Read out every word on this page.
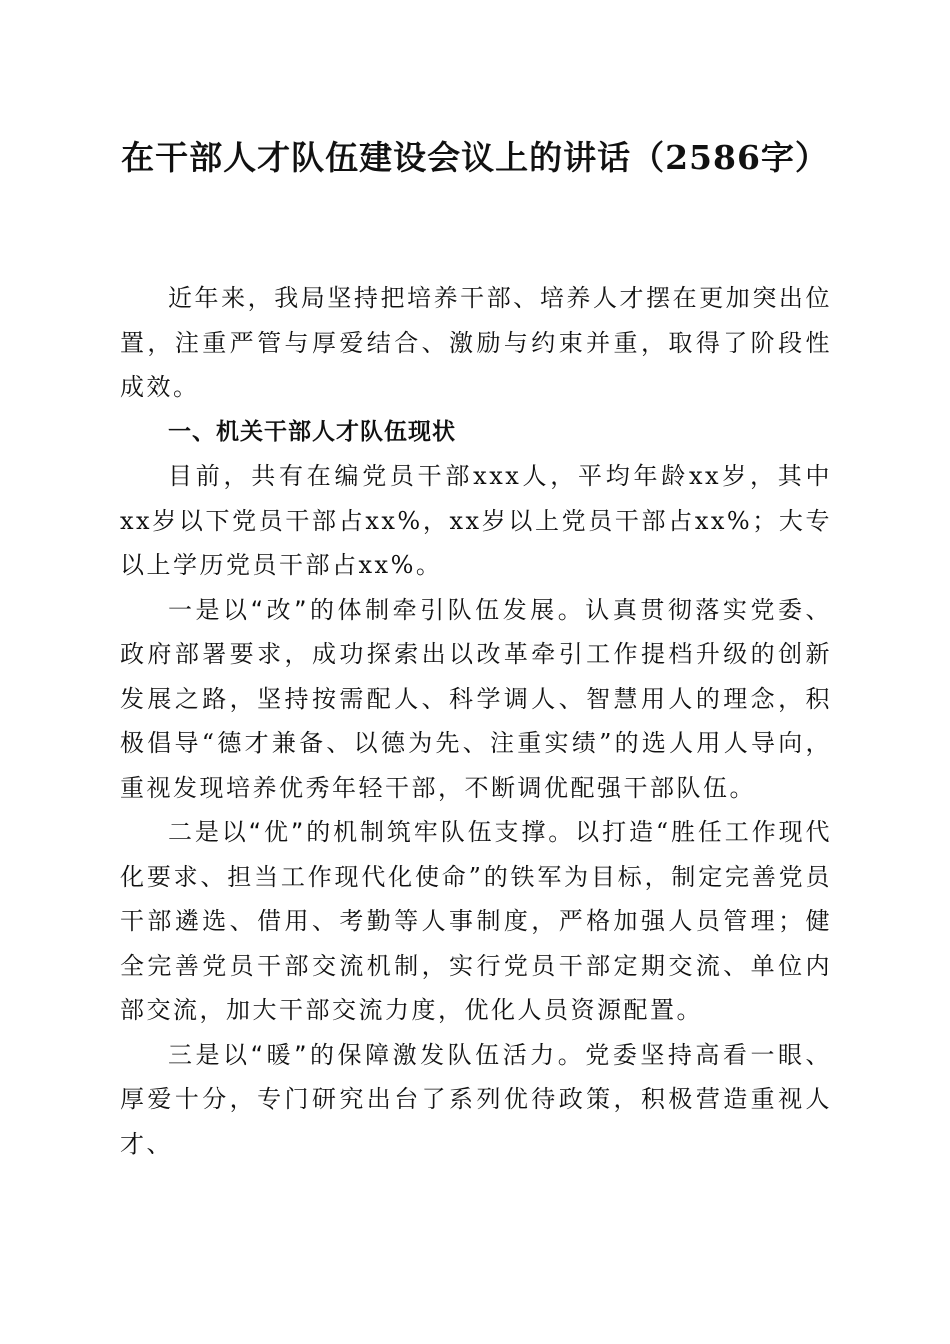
在干部人才队伍建设会议上的讲话（2586字）

近年来，我局坚持把培养干部、培养人才摆在更加突出位置，注重严管与厚爱结合、激励与约束并重，取得了阶段性成效。

一、机关干部人才队伍现状

目前，共有在编党员干部xxx人，平均年龄xx岁，其中xx岁以下党员干部占xx%，xx岁以上党员干部占xx%；大专以上学历党员干部占xx%。

一是以“改”的体制牵引队伍发展。认真贯彻落实党委、政府部署要求，成功探索出以改革牵引工作提档升级的创新发展之路，坚持按需配人、科学调人、智慧用人的理念，积极倡导“德才兼备、以德为先、注重实绩”的选人用人导向，重视发现培养优秀年轻干部，不断调优配强干部队伍。

二是以“优”的机制筑牢队伍支撑。以打造“胜任工作现代化要求、担当工作现代化使命”的铁军为目标，制定完善党员干部遴选、借用、考勤等人事制度，严格加强人员管理；健全完善党员干部交流机制，实行党员干部定期交流、单位内部交流，加大干部交流力度，优化人员资源配置。

三是以“暖”的保障激发队伍活力。党委坚持高看一眼、厚爱十分，专门研究出台了系列优待政策，积极营造重视人才、
